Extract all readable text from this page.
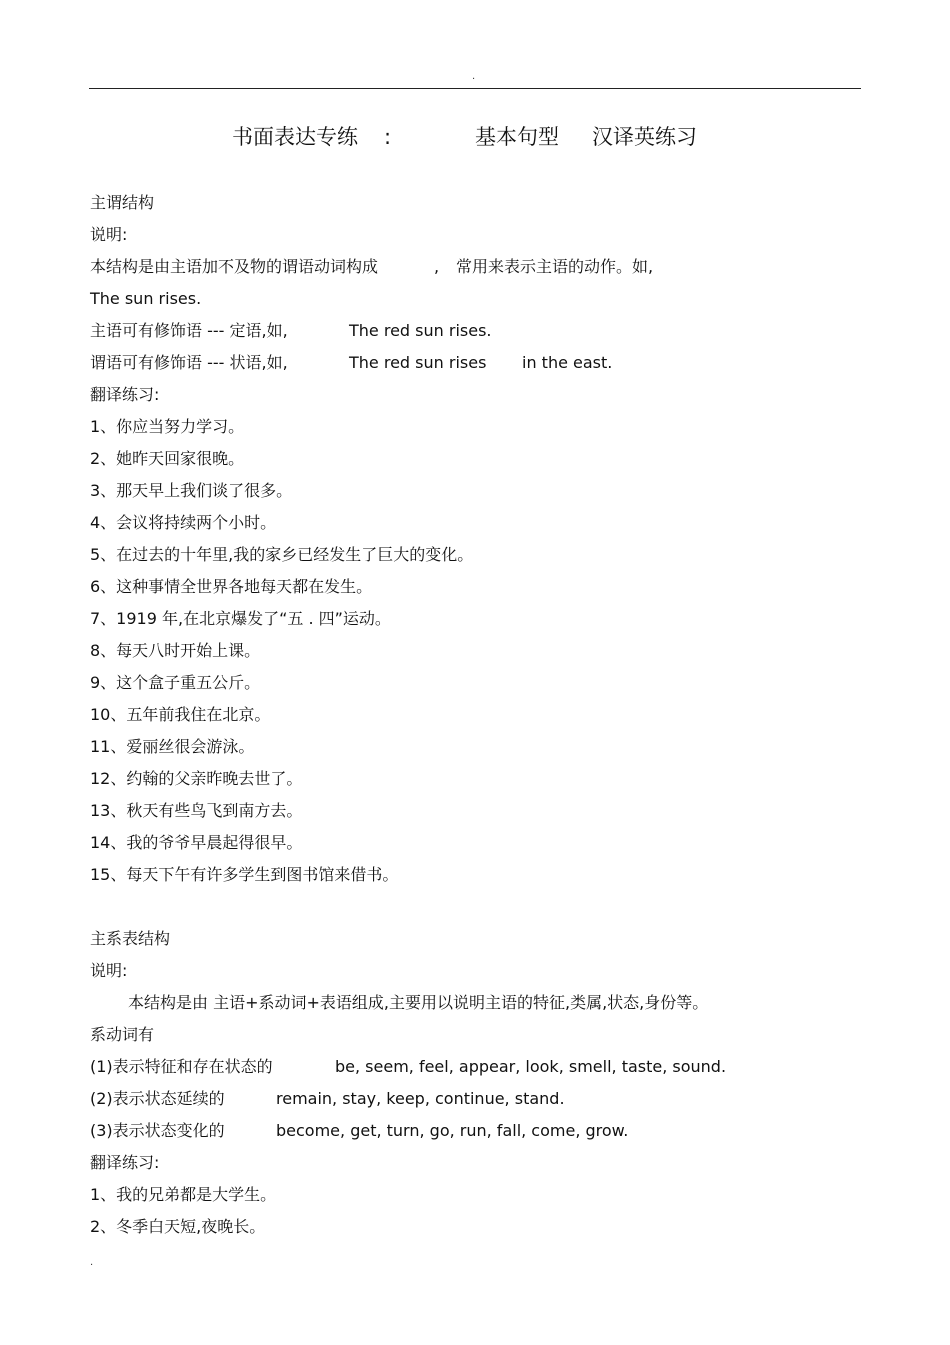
.
书面表达专练 :	基本句型 汉译英练习
主谓结构
说明:
本结构是由主语加不及物的谓语动词构成	, 常用来表示主语的动作。如,
The sun rises.
主语可有修饰语 --- 定语,如,	The red sun rises.
谓语可有修饰语 --- 状语,如,	The red sun rises in the east.
翻译练习:
1、你应当努力学习。
2、她昨天回家很晚。
3、那天早上我们谈了很多。
4、会议将持续两个小时。
5、在过去的十年里,我的家乡已经发生了巨大的变化。
6、这种事情全世界各地每天都在发生。
7、1919 年,在北京爆发了“五 . 四”运动。
8、每天八时开始上课。
9、这个盒子重五公斤。
10、五年前我住在北京。
11、爱丽丝很会游泳。
12、约翰的父亲昨晚去世了。
13、秋天有些鸟飞到南方去。
14、我的爷爷早晨起得很早。
15、每天下午有许多学生到图书馆来借书。
主系表结构
说明:
本结构是由 主语+系动词+表语组成,主要用以说明主语的特征,类属,状态,身份等。
系动词有
(1)表示特征和存在状态的	be, seem, feel, appear, look, smell, taste, sound.
(2)表示状态延续的	remain, stay, keep, continue, stand.
(3)表示状态变化的	become, get, turn, go, run, fall, come, grow.
翻译练习:
1、我的兄弟都是大学生。
2、冬季白天短,夜晚长。
.
